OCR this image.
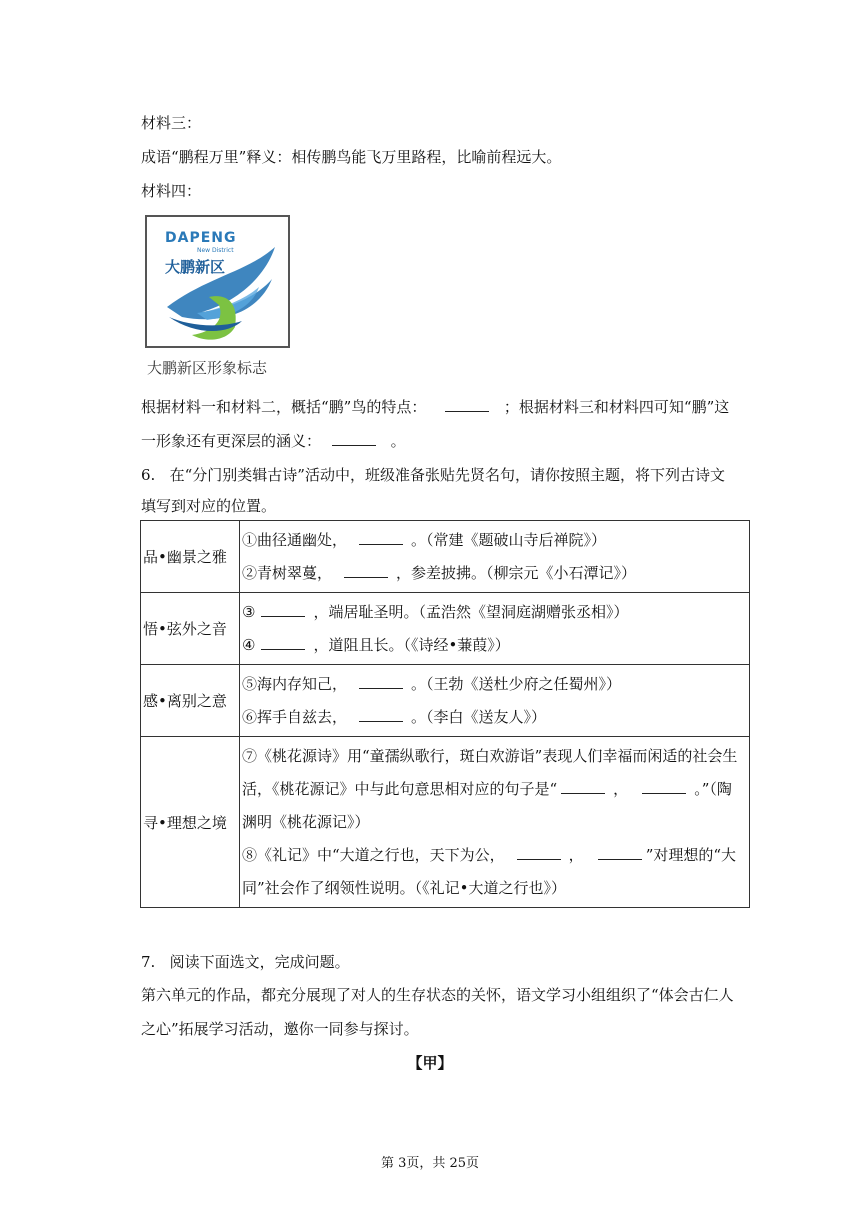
材料三：
成语“鹏程万里”释义：相传鹏鸟能飞万里路程，比喻前程远大。
材料四：
DAPENG
New District
大鹏新区
大鹏新区形象标志
根据材料一和材料二，概括“鹏”鸟的特点：	；根据材料三和材料四可知“鹏”这
一形象还有更深层的涵义：	。
6. 在“分门别类辑古诗”活动中，班级准备张贴先贤名句，请你按照主题，将下列古诗文
填写到对应的位置。
品•幽景之雅	①曲径通幽处， 。（常建《题破山寺后禅院》）
②青树翠蔓， ，参差披拂。（柳宗元《小石潭记》）

悟•弦外之音	③ ，端居耻圣明。（孟浩然《望洞庭湖赠张丞相》）
④ ，道阻且长。（《诗经•蒹葭》）

感•离别之意	⑤海内存知己， 。（王勃《送杜少府之任蜀州》）
⑥挥手自兹去， 。（李白《送友人》）

寻•理想之境	⑦《桃花源诗》用“童孺纵歌行，斑白欢游诣”表现人们幸福而闲适的社会生
活，《桃花源记》中与此句意思相对应的句子是“ ， 。”（陶
渊明《桃花源记》）
⑧《礼记》中“大道之行也，天下为公， ， ”对理想的“大
同”社会作了纲领性说明。（《礼记•大道之行也》）
7. 阅读下面选文，完成问题。
第六单元的作品，都充分展现了对人的生存状态的关怀，语文学习小组组织了“体会古仁人
之心”拓展学习活动，邀你一同参与探讨。
【甲】
第 3页，共 25页
